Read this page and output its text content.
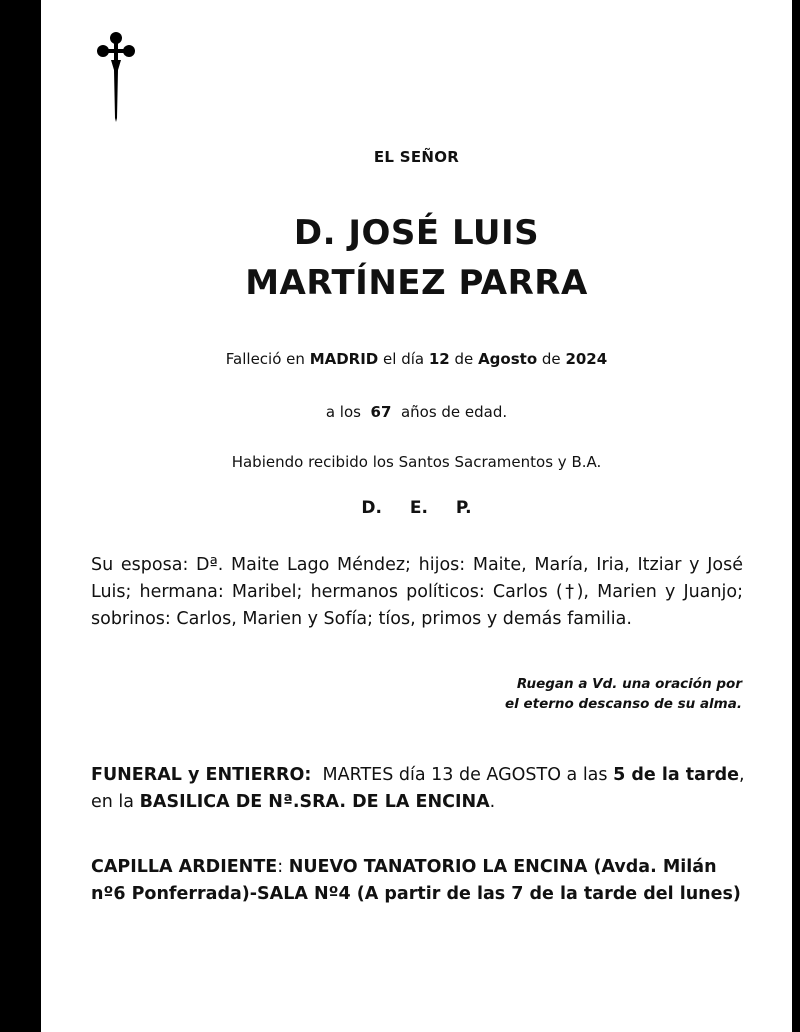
EL SEÑOR
D. JOSÉ LUIS
MARTÍNEZ PARRA
Falleció en MADRID el día 12 de Agosto de 2024
a los 67 años de edad.
Habiendo recibido los Santos Sacramentos y B.A.
D. E. P.
Su esposa: Dª. Maite Lago Méndez; hijos: Maite, María, Iria, Itziar y José Luis; hermana: Maribel; hermanos políticos: Carlos (†), Marien y Juanjo; sobrinos: Carlos, Marien y Sofía; tíos, primos y demás familia.
Ruegan a Vd. una oración por
el eterno descanso de su alma.
FUNERAL y ENTIERRO: MARTES día 13 de AGOSTO a las 5 de la tarde,
en la BASILICA DE Nª.SRA. DE LA ENCINA.
CAPILLA ARDIENTE: NUEVO TANATORIO LA ENCINA (Avda. Milán nº6 Ponferrada)-SALA Nº4 (A partir de las 7 de la tarde del lunes)
